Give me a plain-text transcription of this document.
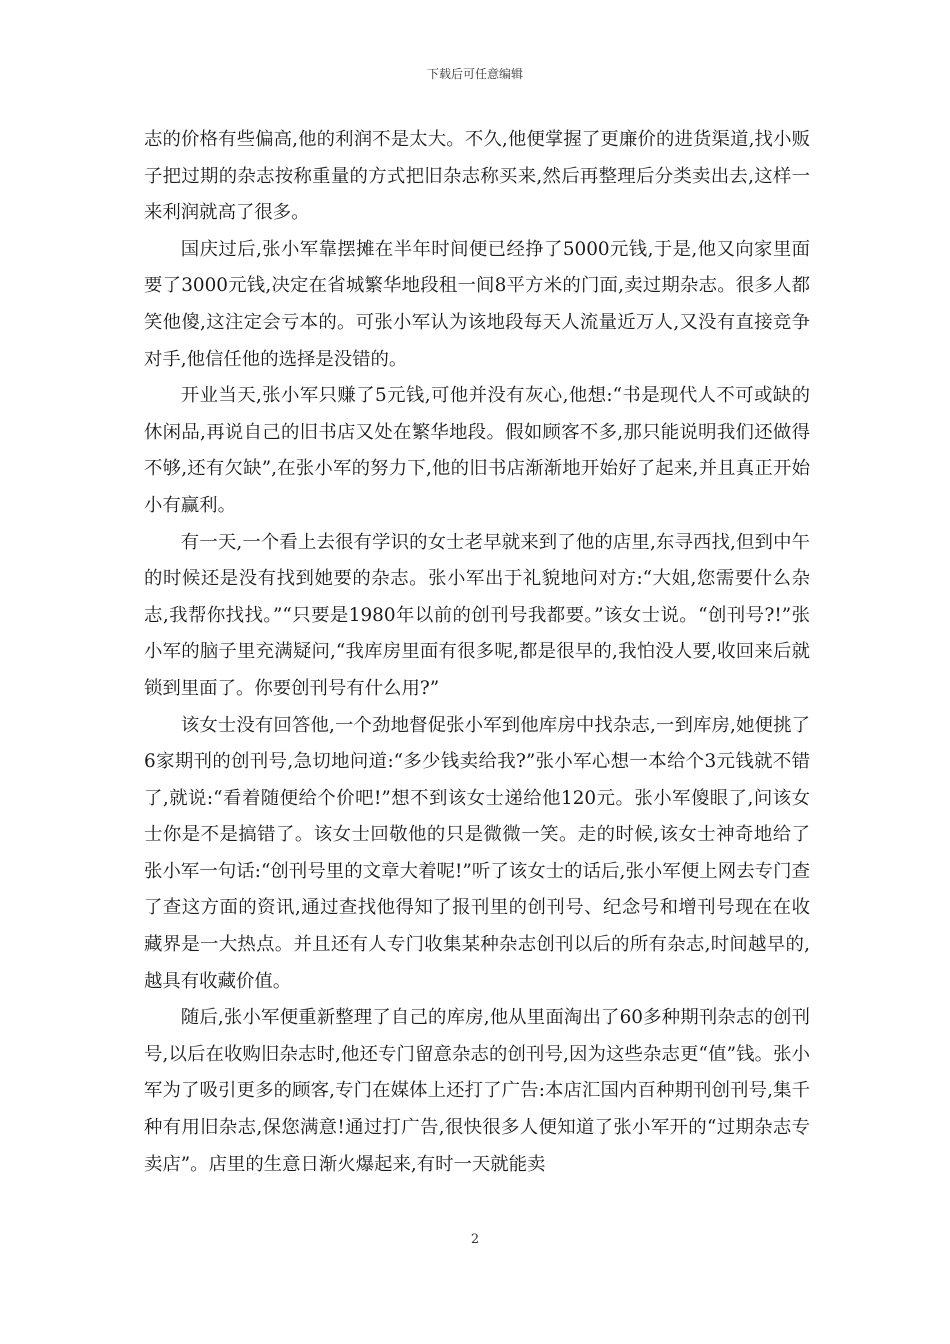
下载后可任意编辑

志的价格有些偏高,他的利润不是太大。不久,他便掌握了更廉价的进货渠道,找小贩子把过期的杂志按称重量的方式把旧杂志称买来,然后再整理后分类卖出去,这样一来利润就高了很多。

国庆过后,张小军靠摆摊在半年时间便已经挣了5000元钱,于是,他又向家里面要了3000元钱,决定在省城繁华地段租一间8平方米的门面,卖过期杂志。很多人都笑他傻,这注定会亏本的。可张小军认为该地段每天人流量近万人,又没有直接竞争对手,他信任他的选择是没错的。

开业当天,张小军只赚了5元钱,可他并没有灰心,他想:“书是现代人不可或缺的休闲品,再说自己的旧书店又处在繁华地段。假如顾客不多,那只能说明我们还做得不够,还有欠缺”,在张小军的努力下,他的旧书店渐渐地开始好了起来,并且真正开始小有赢利。

有一天,一个看上去很有学识的女士老早就来到了他的店里,东寻西找,但到中午的时候还是没有找到她要的杂志。张小军出于礼貌地问对方:“大姐,您需要什么杂志,我帮你找找。”“只要是1980年以前的创刊号我都要。”该女士说。“创刊号?!”张小军的脑子里充满疑问,“我库房里面有很多呢,都是很早的,我怕没人要,收回来后就锁到里面了。你要创刊号有什么用?”

该女士没有回答他,一个劲地督促张小军到他库房中找杂志,一到库房,她便挑了6家期刊的创刊号,急切地问道:“多少钱卖给我?”张小军心想一本给个3元钱就不错了,就说:“看着随便给个价吧!”想不到该女士递给他120元。张小军傻眼了,问该女士你是不是搞错了。该女士回敬他的只是微微一笑。走的时候,该女士神奇地给了张小军一句话:“创刊号里的文章大着呢!”听了该女士的话后,张小军便上网去专门查了查这方面的资讯,通过查找他得知了报刊里的创刊号、纪念号和增刊号现在在收藏界是一大热点。并且还有人专门收集某种杂志创刊以后的所有杂志,时间越早的,越具有收藏价值。

随后,张小军便重新整理了自己的库房,他从里面淘出了60多种期刊杂志的创刊号,以后在收购旧杂志时,他还专门留意杂志的创刊号,因为这些杂志更“值”钱。张小军为了吸引更多的顾客,专门在媒体上还打了广告:本店汇国内百种期刊创刊号,集千种有用旧杂志,保您满意!通过打广告,很快很多人便知道了张小军开的“过期杂志专卖店”。店里的生意日渐火爆起来,有时一天就能卖

2
